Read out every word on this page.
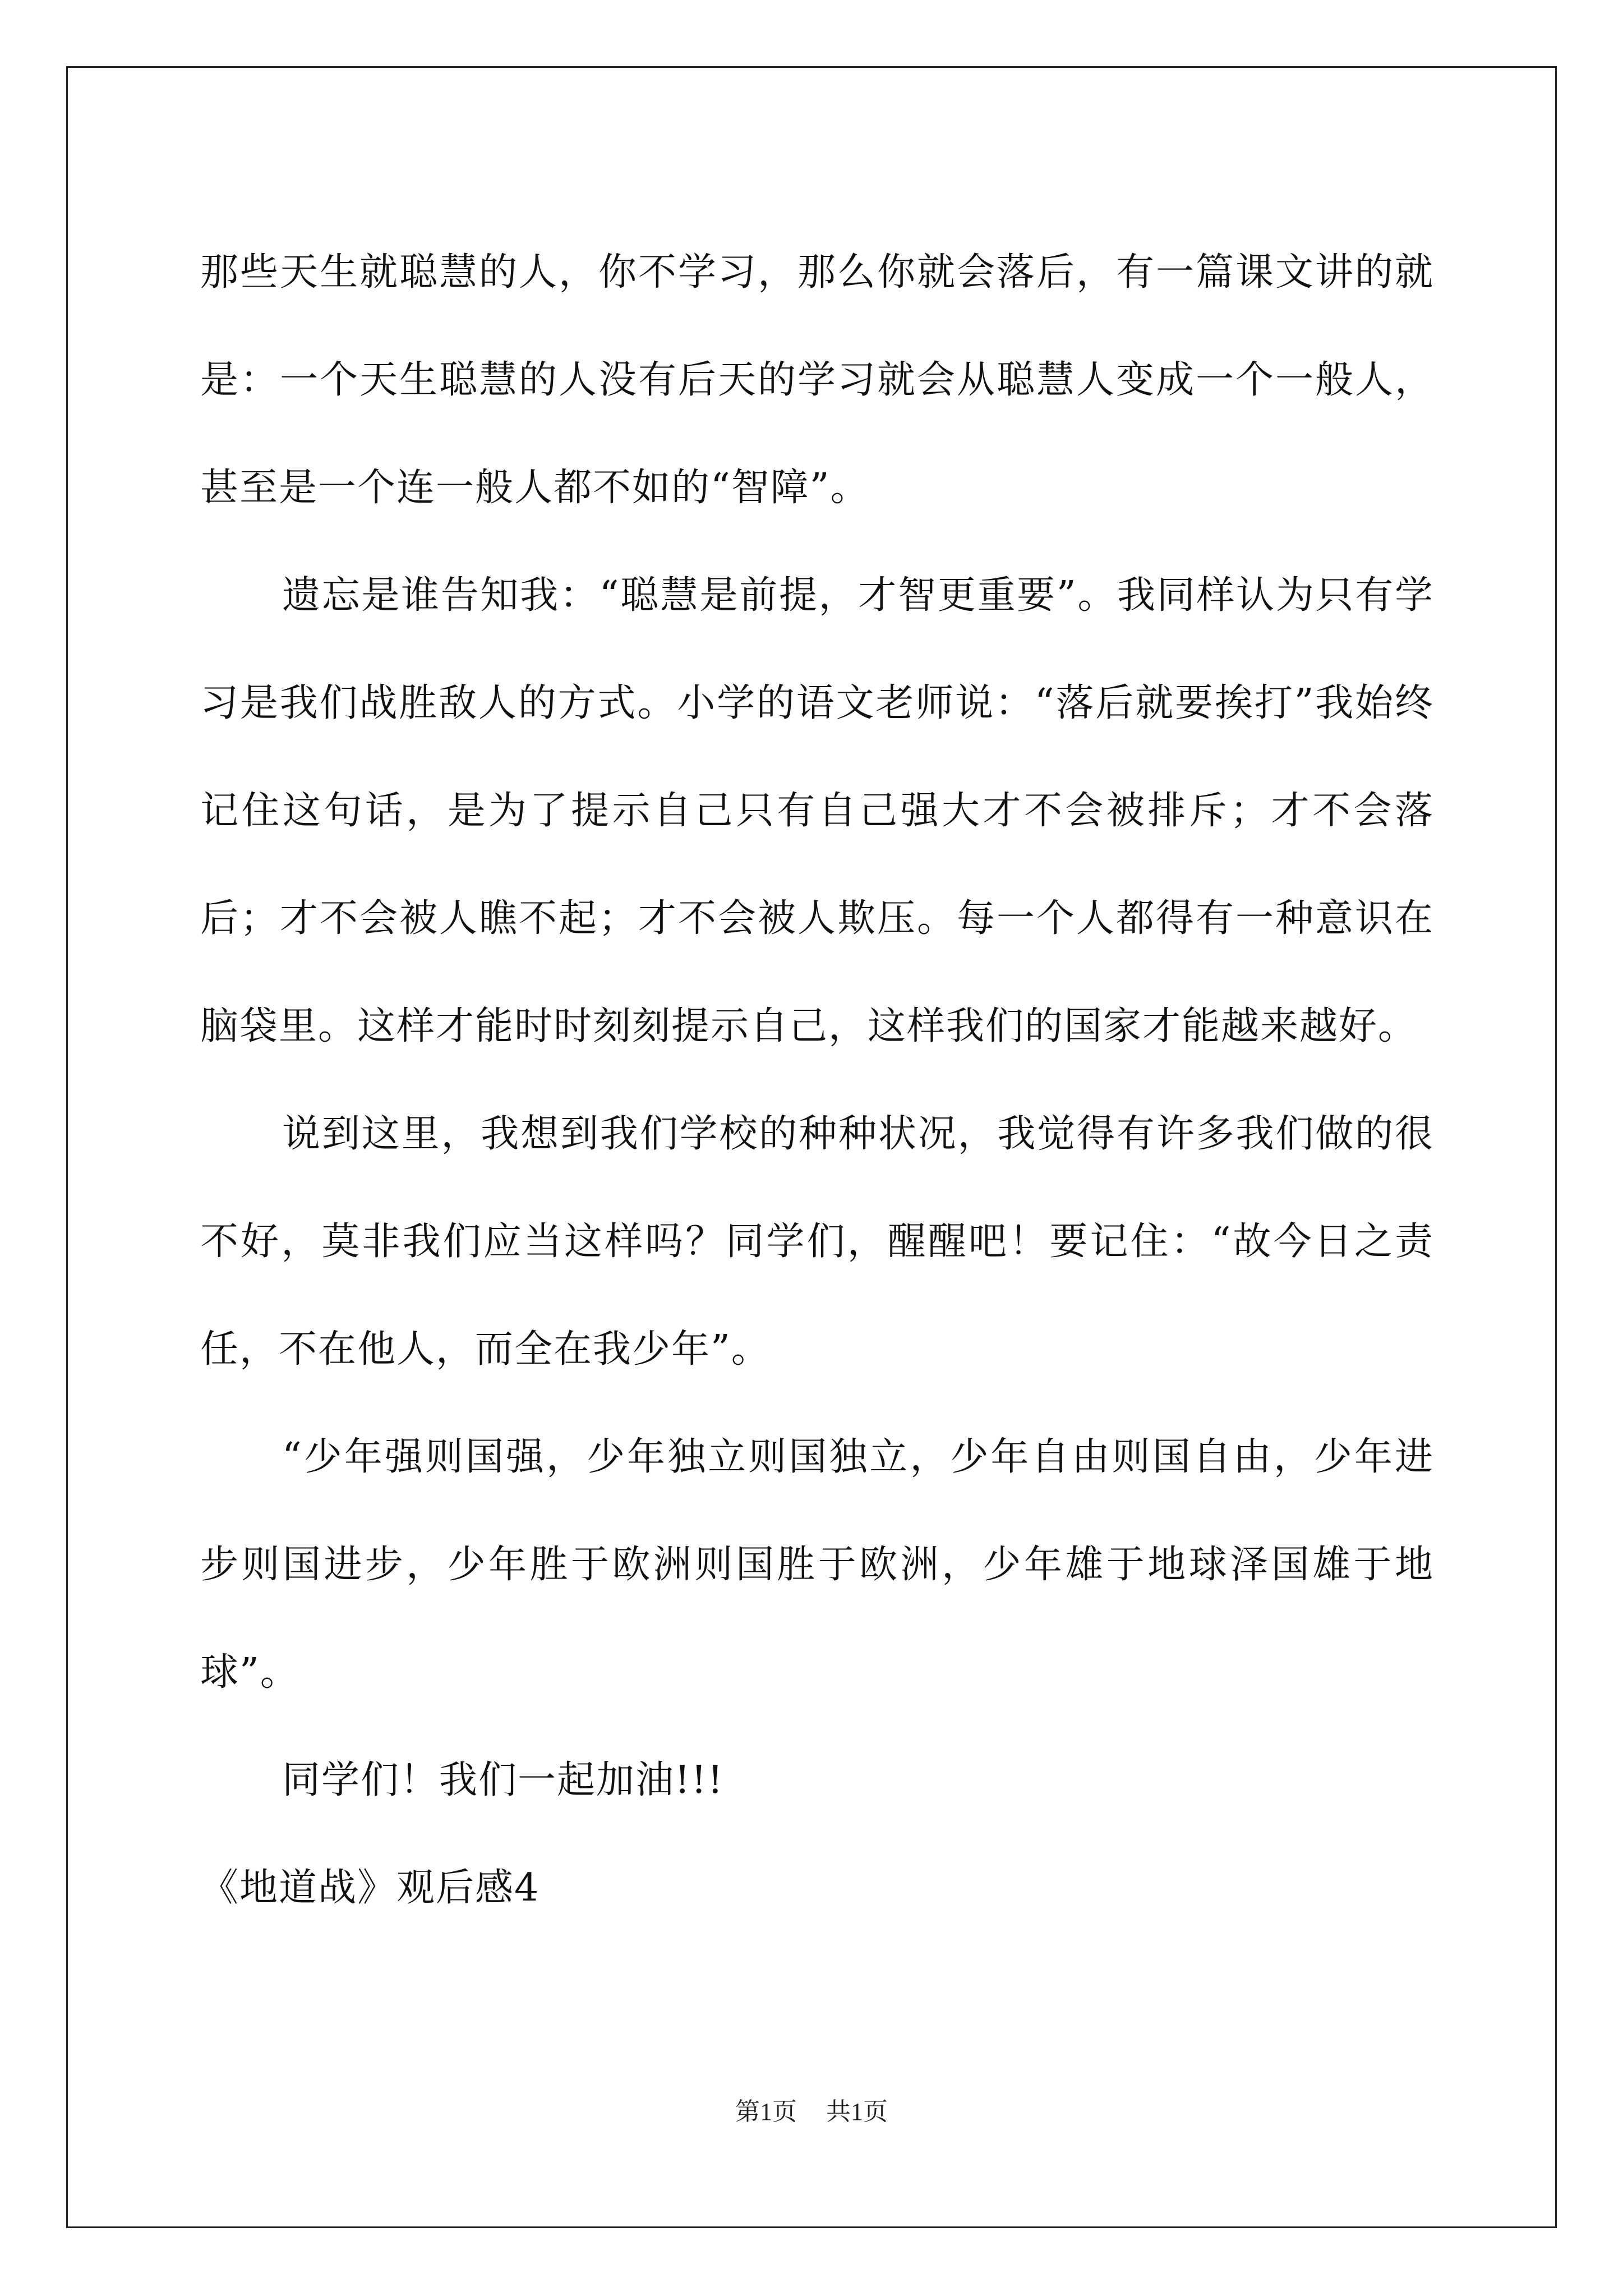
那些天生就聪慧的人，你不学习，那么你就会落后，有一篇课文讲的就是：一个天生聪慧的人没有后天的学习就会从聪慧人变成一个一般人，甚至是一个连一般人都不如的“智障”。

遗忘是谁告知我：“聪慧是前提，才智更重要”。我同样认为只有学习是我们战胜敌人的方式。小学的语文老师说：“落后就要挨打”我始终记住这句话，是为了提示自己只有自己强大才不会被排斥；才不会落后；才不会被人瞧不起；才不会被人欺压。每一个人都得有一种意识在脑袋里。这样才能时时刻刻提示自己，这样我们的国家才能越来越好。

说到这里，我想到我们学校的种种状况，我觉得有许多我们做的很不好，莫非我们应当这样吗？同学们，醒醒吧！要记住：“故今日之责任，不在他人，而全在我少年”。

“少年强则国强，少年独立则国独立，少年自由则国自由，少年进步则国进步，少年胜于欧洲则国胜于欧洲，少年雄于地球泽国雄于地球”。

同学们！我们一起加油!!!

《地道战》观后感4

第1页 共1页
